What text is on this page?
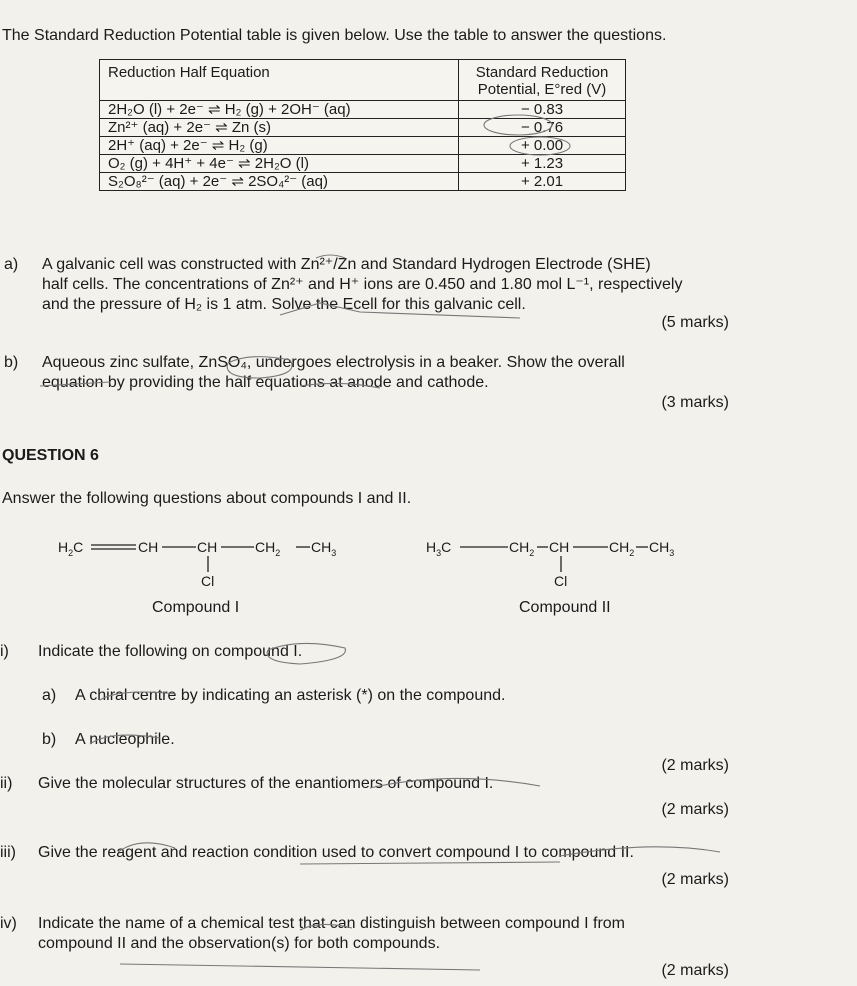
The Standard Reduction Potential table is given below. Use the table to answer the questions.
Reduction Half Equation	Standard Reduction
Potential, E°red (V)

2H₂O (l) + 2e⁻ ⇌ H₂ (g) + 2OH⁻ (aq)	− 0.83
Zn²⁺ (aq) + 2e⁻ ⇌ Zn (s)	− 0.76
2H⁺ (aq) + 2e⁻ ⇌ H₂ (g)	+ 0.00
O₂ (g) + 4H⁺ + 4e⁻ ⇌ 2H₂O (l)	+ 1.23
S₂O₈²⁻ (aq) + 2e⁻ ⇌ 2SO₄²⁻ (aq)	+ 2.01
a) A galvanic cell was constructed with Zn²⁺/Zn and Standard Hydrogen Electrode (SHE)
half cells. The concentrations of Zn²⁺ and H⁺ ions are 0.450 and 1.80 mol L⁻¹, respectively
and the pressure of H₂ is 1 atm. Solve the Ecell for this galvanic cell.
(5 marks)
b) Aqueous zinc sulfate, ZnSO₄, undergoes electrolysis in a beaker. Show the overall
equation by providing the half equations at anode and cathode.
(3 marks)
QUESTION 6
Answer the following questions about compounds I and II.
$H_2C$	CH	CH	$CH_2$ $CH_3$
Cl
Compound I
$H_3C$	$CH_2$ CH	$CH_2$ $CH_3$
Cl
Compound II
i) Indicate the following on compound I.
a) A chiral centre by indicating an asterisk (*) on the compound.
b) A nucleophile.
(2 marks)
ii) Give the molecular structures of the enantiomers of compound I.
(2 marks)
iii) Give the reagent and reaction condition used to convert compound I to compound II.
(2 marks)
iv) Indicate the name of a chemical test that can distinguish between compound I from
compound II and the observation(s) for both compounds.
(2 marks)
